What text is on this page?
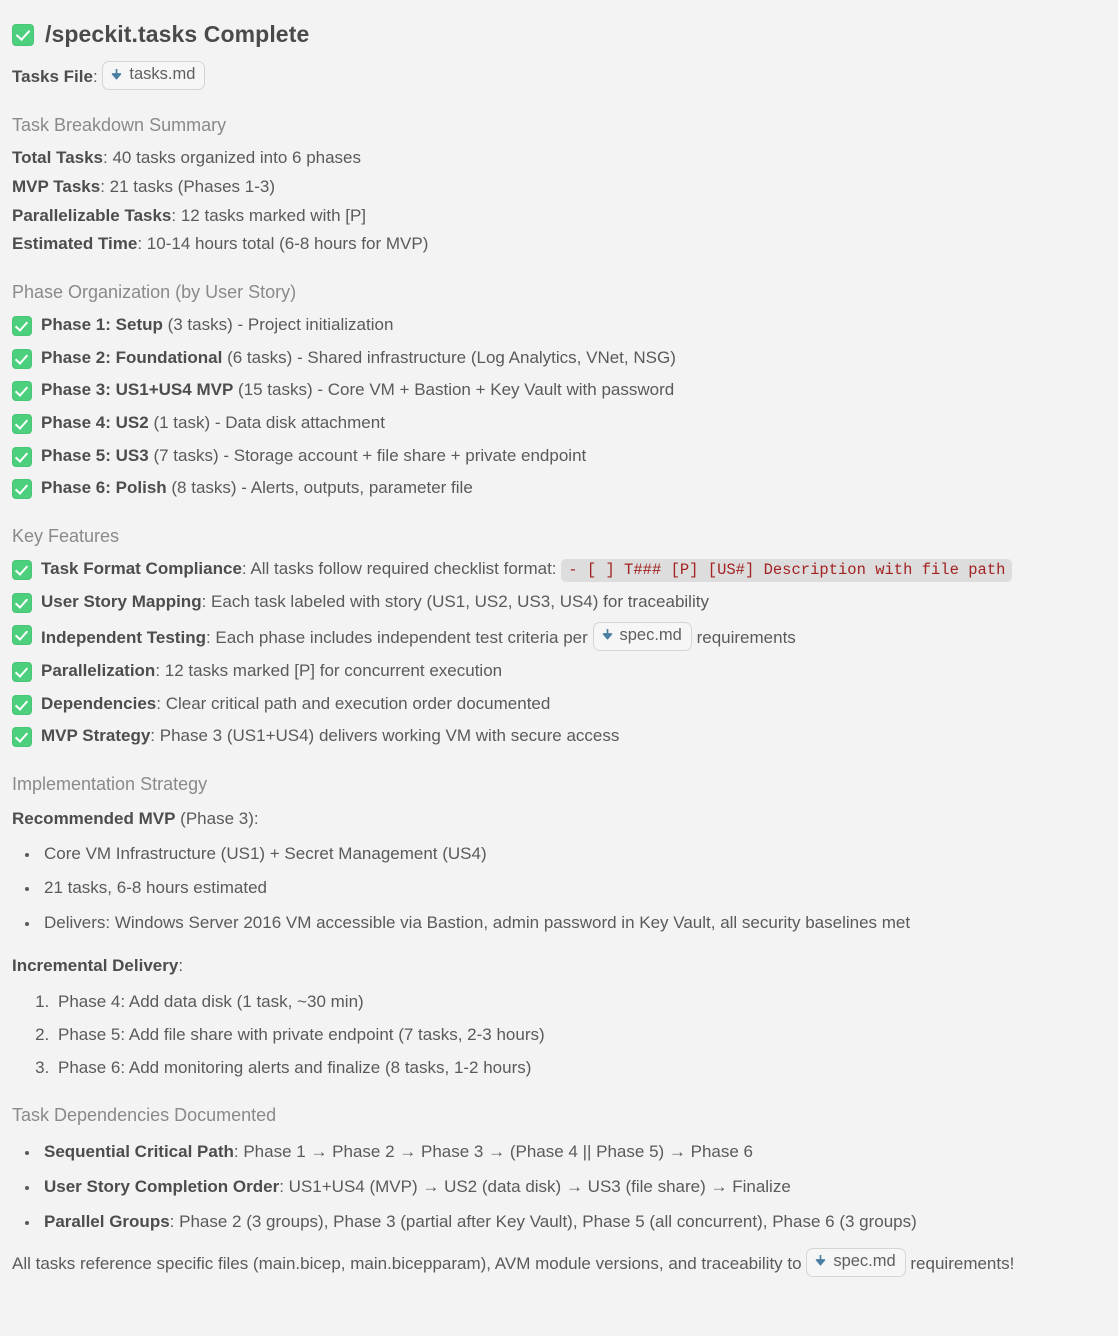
/speckit.tasks Complete
Tasks File: tasks.md
Task Breakdown Summary
Total Tasks: 40 tasks organized into 6 phases
MVP Tasks: 21 tasks (Phases 1-3)
Parallelizable Tasks: 12 tasks marked with [P]
Estimated Time: 10-14 hours total (6-8 hours for MVP)
Phase Organization (by User Story)
Phase 1: Setup (3 tasks) - Project initialization
Phase 2: Foundational (6 tasks) - Shared infrastructure (Log Analytics, VNet, NSG)
Phase 3: US1+US4 MVP (15 tasks) - Core VM + Bastion + Key Vault with password
Phase 4: US2 (1 task) - Data disk attachment
Phase 5: US3 (7 tasks) - Storage account + file share + private endpoint
Phase 6: Polish (8 tasks) - Alerts, outputs, parameter file
Key Features
Task Format Compliance: All tasks follow required checklist format: - [ ] T### [P] [US#] Description with file path
User Story Mapping: Each task labeled with story (US1, US2, US3, US4) for traceability
Independent Testing: Each phase includes independent test criteria per spec.md requirements
Parallelization: 12 tasks marked [P] for concurrent execution
Dependencies: Clear critical path and execution order documented
MVP Strategy: Phase 3 (US1+US4) delivers working VM with secure access
Implementation Strategy
Recommended MVP (Phase 3):
• Core VM Infrastructure (US1) + Secret Management (US4)
• 21 tasks, 6-8 hours estimated
• Delivers: Windows Server 2016 VM accessible via Bastion, admin password in Key Vault, all security baselines met
Incremental Delivery:
1. Phase 4: Add data disk (1 task, ~30 min)
2. Phase 5: Add file share with private endpoint (7 tasks, 2-3 hours)
3. Phase 6: Add monitoring alerts and finalize (8 tasks, 1-2 hours)
Task Dependencies Documented
• Sequential Critical Path: Phase 1 → Phase 2 → Phase 3 → (Phase 4 || Phase 5) → Phase 6
• User Story Completion Order: US1+US4 (MVP) → US2 (data disk) → US3 (file share) → Finalize
• Parallel Groups: Phase 2 (3 groups), Phase 3 (partial after Key Vault), Phase 5 (all concurrent), Phase 6 (3 groups)
All tasks reference specific files (main.bicep, main.bicepparam), AVM module versions, and traceability to spec.md requirements!
